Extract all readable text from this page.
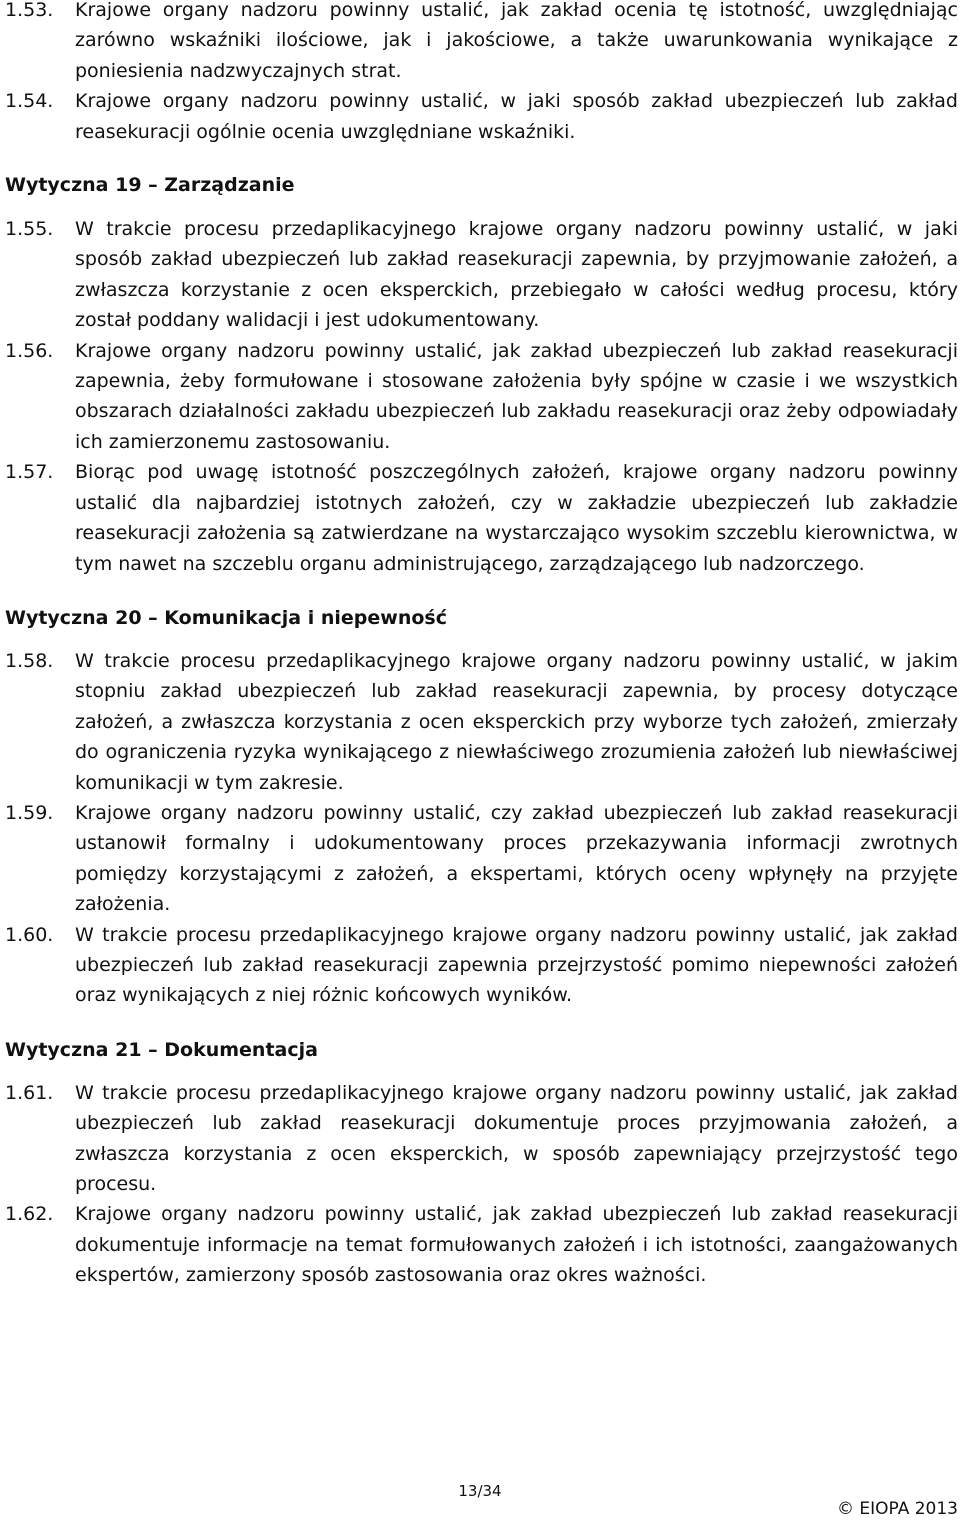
1.53.	Krajowe organy nadzoru powinny ustalić, jak zakład ocenia tę istotność, uwzględniając zarówno wskaźniki ilościowe, jak i jakościowe, a także uwarunkowania wynikające z poniesienia nadzwyczajnych strat.
1.54.	Krajowe organy nadzoru powinny ustalić, w jaki sposób zakład ubezpieczeń lub zakład reasekuracji ogólnie ocenia uwzględniane wskaźniki.
Wytyczna 19 – Zarządzanie
1.55.	W trakcie procesu przedaplikacyjnego krajowe organy nadzoru powinny ustalić, w jaki sposób zakład ubezpieczeń lub zakład reasekuracji zapewnia, by przyjmowanie założeń, a zwłaszcza korzystanie z ocen eksperckich, przebiegało w całości według procesu, który został poddany walidacji i jest udokumentowany.
1.56.	Krajowe organy nadzoru powinny ustalić, jak zakład ubezpieczeń lub zakład reasekuracji zapewnia, żeby formułowane i stosowane założenia były spójne w czasie i we wszystkich obszarach działalności zakładu ubezpieczeń lub zakładu reasekuracji oraz żeby odpowiadały ich zamierzonemu zastosowaniu.
1.57.	Biorąc pod uwagę istotność poszczególnych założeń, krajowe organy nadzoru powinny ustalić dla najbardziej istotnych założeń, czy w zakładzie ubezpieczeń lub zakładzie reasekuracji założenia są zatwierdzane na wystarczająco wysokim szczeblu kierownictwa, w tym nawet na szczeblu organu administrującego, zarządzającego lub nadzorczego.
Wytyczna 20 – Komunikacja i niepewność
1.58.	W trakcie procesu przedaplikacyjnego krajowe organy nadzoru powinny ustalić, w jakim stopniu zakład ubezpieczeń lub zakład reasekuracji zapewnia, by procesy dotyczące założeń, a zwłaszcza korzystania z ocen eksperckich przy wyborze tych założeń, zmierzały do ograniczenia ryzyka wynikającego z niewłaściwego zrozumienia założeń lub niewłaściwej komunikacji w tym zakresie.
1.59.	Krajowe organy nadzoru powinny ustalić, czy zakład ubezpieczeń lub zakład reasekuracji ustanowił formalny i udokumentowany proces przekazywania informacji zwrotnych pomiędzy korzystającymi z założeń, a ekspertami, których oceny wpłynęły na przyjęte założenia.
1.60.	W trakcie procesu przedaplikacyjnego krajowe organy nadzoru powinny ustalić, jak zakład ubezpieczeń lub zakład reasekuracji zapewnia przejrzystość pomimo niepewności założeń oraz wynikających z niej różnic końcowych wyników.
Wytyczna 21 – Dokumentacja
1.61.	W trakcie procesu przedaplikacyjnego krajowe organy nadzoru powinny ustalić, jak zakład ubezpieczeń lub zakład reasekuracji dokumentuje proces przyjmowania założeń, a zwłaszcza korzystania z ocen eksperckich, w sposób zapewniający przejrzystość tego procesu.
1.62.	Krajowe organy nadzoru powinny ustalić, jak zakład ubezpieczeń lub zakład reasekuracji dokumentuje informacje na temat formułowanych założeń i ich istotności, zaangażowanych ekspertów, zamierzony sposób zastosowania oraz okres ważności.
13/34
© EIOPA 2013
